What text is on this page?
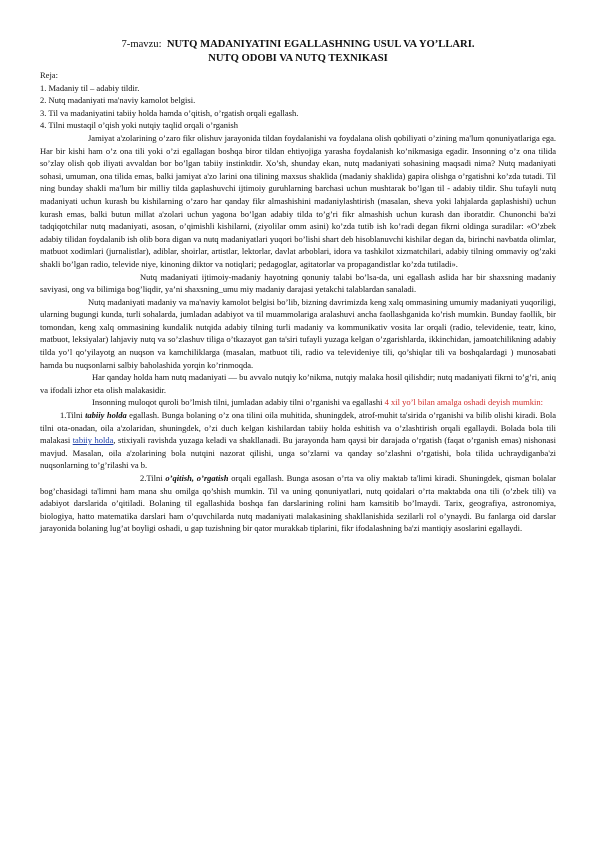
7-mavzu: NUTQ MADANIYATINI EGALLASHNING USUL VA YO’LLARI.
NUTQ ODOBI VA NUTQ TEXNIKASI

Reja:

1. Madaniy til – adabiy tildir.

2. Nutq madaniyati ma'naviy kamolot belgisi.

3. Til va madaniyatini tabiiy holda hamda o’qitish, o’rgatish orqali egallash.

4. Tilni mustaqil o’qish yoki nutqiy taqlid orqali o’rganish

Jamiyat a'zolarining o’zaro fikr olishuv jarayonida tildan foydalanishi va foydalana olish qobiliyati o’zining ma'lum qonuniyatlariga ega. Har bir kishi ham o’z ona tili yoki o’zi egallagan boshqa biror tildan ehtiyojiga yarasha foydalanish ko’nikmasiga egadir. Insonning o’z ona tilida so’zlay olish qob iliyati avvaldan bor bo’lgan tabiiy instinktdir. Xo’sh, shunday ekan, nutq madaniyati sohasining maqsadi nima? Nutq madaniyati sohasi, umuman, ona tilida emas, balki jamiyat a'zo larini ona tilining maxsus shaklida (madaniy shaklida) gapira olishga o’rgatishni ko’zda tutadi. Til ning bunday shakli ma'lum bir milliy tilda gaplashuvchi ijtimoiy guruhlarning barchasi uchun mushtarak bo’lgan til - adabiy tildir. Shu tufayli nutq madaniyati uchun kurash bu kishilarning o’zaro har qanday fikr almashishini madaniylashtirish (masalan, sheva yoki lahjalarda gaplashishi) uchun kurash emas, balki butun millat a'zolari uchun yagona bo’lgan adabiy tilda to’g’ri fikr almashish uchun kurash dan iboratdir. Chunonchi ba'zi tadqiqotchilar nutq madaniyati, asosan, o’qimishli kishilarni, (ziyolilar omm asini) ko’zda tutib ish ko’radi degan fikrni oldinga suradilar: «O’zbek adabiy tilidan foydalanib ish olib bora digan va nutq madaniyatlari yuqori bo’lishi shart deb hisoblanuvchi kishilar degan da, birinchi navbatda olimlar, matbuot xodimlari (jurnalistlar), adiblar, shoirlar, artistlar, lektorlar, davlat arboblari, idora va tashkilot xizmatchilari, adabiy tilning ommaviy og’zaki shakli bo’lgan radio, televide niye, kinoning diktor va notiqlari; pedagoglar, agitatorlar va propagandistlar ko’zda tutiladi».

Nutq madaniyati ijtimoiy-madaniy hayotning qonuniy talabi bo’lsa-da, uni egallash aslida har bir shaxsning madaniy saviyasi, ong va bilimiga bog’liqdir, ya’ni shaxsning_umu miy madaniy darajasi yetakchi talablardan sanaladi.

Nutq madaniyati madaniy va ma'naviy kamolot belgisi bo’lib, bizning davrimizda keng xalq ommasining umumiy madaniyati yuqoriligi, ularning bugungi kunda, turli sohalarda, jumladan adabiyot va til muammolariga aralashuvi ancha faollashganida ko’rish mumkin. Bunday faollik, bir tomondan, keng xalq ommasining kundalik nutqida adabiy tilning turli madaniy va kommunikativ vosita lar orqali (radio, televidenie, teatr, kino, matbuot, leksiyalar) lahjaviy nutq va so’zlashuv tiliga o’tkazayot gan ta'siri tufayli yuzaga kelgan o’zgarishlarda, ikkinchidan, jamoatchilikning adabiy tilda yo’l qo’yilayotg an nuqson va kamchiliklarga (masalan, matbuot tili, radio va televideniye tili, qo’shiqlar tili va boshqalardagi ) munosabati hamda bu nuqsonlarni salbiy baholashida yorqin ko’rinmoqda.

Har qanday holda ham nutq madaniyati — bu avvalo nutqiy ko’nikma, nutqiy malaka hosil qilishdir; nutq madaniyati fikrni to’g’ri, aniq va ifodali izhor eta olish malakasidir.

Insonning muloqot quroli bo’lmish tilni, jumladan adabiy tilni o’rganishi va egallashi 4 xil yo’l bilan amalga oshadi deyish mumkin:

1.Tilni tabiiy holda egallash. Bunga bolaning o’z ona tilini oila muhitida, shuningdek, atrof-muhit ta'sirida o’rganishi va bilib olishi kiradi. Bola tilni ota-onadan, oila a'zolaridan, shuningdek, o’zi duch kelgan kishilardan tabiiy holda eshitish va o’zlashtirish orqali egallaydi. Bolada bola tili malakasi tabiiy holda, stixiyali ravishda yuzaga keladi va shakllanadi. Bu jarayonda ham qaysi bir darajada o’rgatish (faqat o’rganish emas) nishonasi mavjud. Masalan, oila a'zolarining bola nutqini nazorat qilishi, unga so’zlarni va qanday so’zlashni o’rgatishi, bola tilida uchraydiganba'zi nuqsonlarning to’g’rilashi va b.

2.Tilni o’qitish, o’rgatish orqali egallash. Bunga asosan o’rta va oliy maktab ta'limi kiradi. Shuningdek, qisman bolalar bog’chasidagi ta'limni ham mana shu omilga qo’shish mumkin. Til va uning qonuniyatlari, nutq qoidalari o’rta maktabda ona tili (o’zbek tili) va adabiyot darslarida o’qitiladi. Bolaning til egallashida boshqa fan darslarining rolini ham kamsitib bo’lmaydi. Tarix, geografiya, astronomiya, biologiya, hatto matematika darslari ham o’quvchilarda nutq madaniyati malakasining shakllanishida sezilarli rol o’ynaydi. Bu fanlarga oid darslar jarayonida bolaning lug’at boyligi oshadi, u gap tuzishning bir qator murakkab tiplarini, fikr ifodalashning ba'zi mantiqiy asoslarini egallaydi.
